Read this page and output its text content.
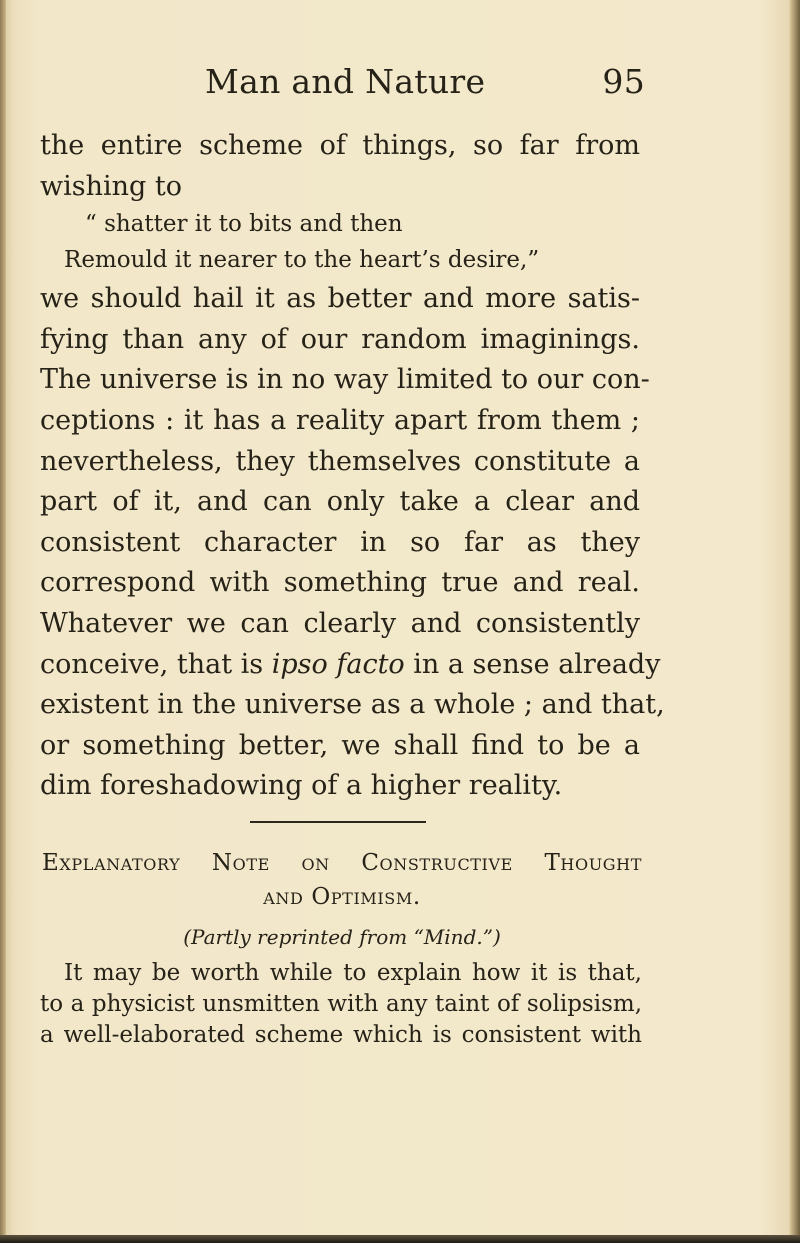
Man and Nature	95
the entire scheme of things, so far from
wishing to
“ shatter it to bits and then
Remould it nearer to the heart’s desire,”
we should hail it as better and more satis-
fying than any of our random imaginings.
The universe is in no way limited to our con-
ceptions : it has a reality apart from them ;
nevertheless, they themselves constitute a
part of it, and can only take a clear and
consistent character in so far as they
correspond with something true and real.
Whatever we can clearly and consistently
conceive, that is ipso facto in a sense already
existent in the universe as a whole ; and that,
or something better, we shall find to be a
dim foreshadowing of a higher reality.
Explanatory Note on Constructive Thought
and Optimism.
(Partly reprinted from “Mind.”)
It may be worth while to explain how it is that,
to a physicist unsmitten with any taint of solipsism,
a well-elaborated scheme which is consistent with
